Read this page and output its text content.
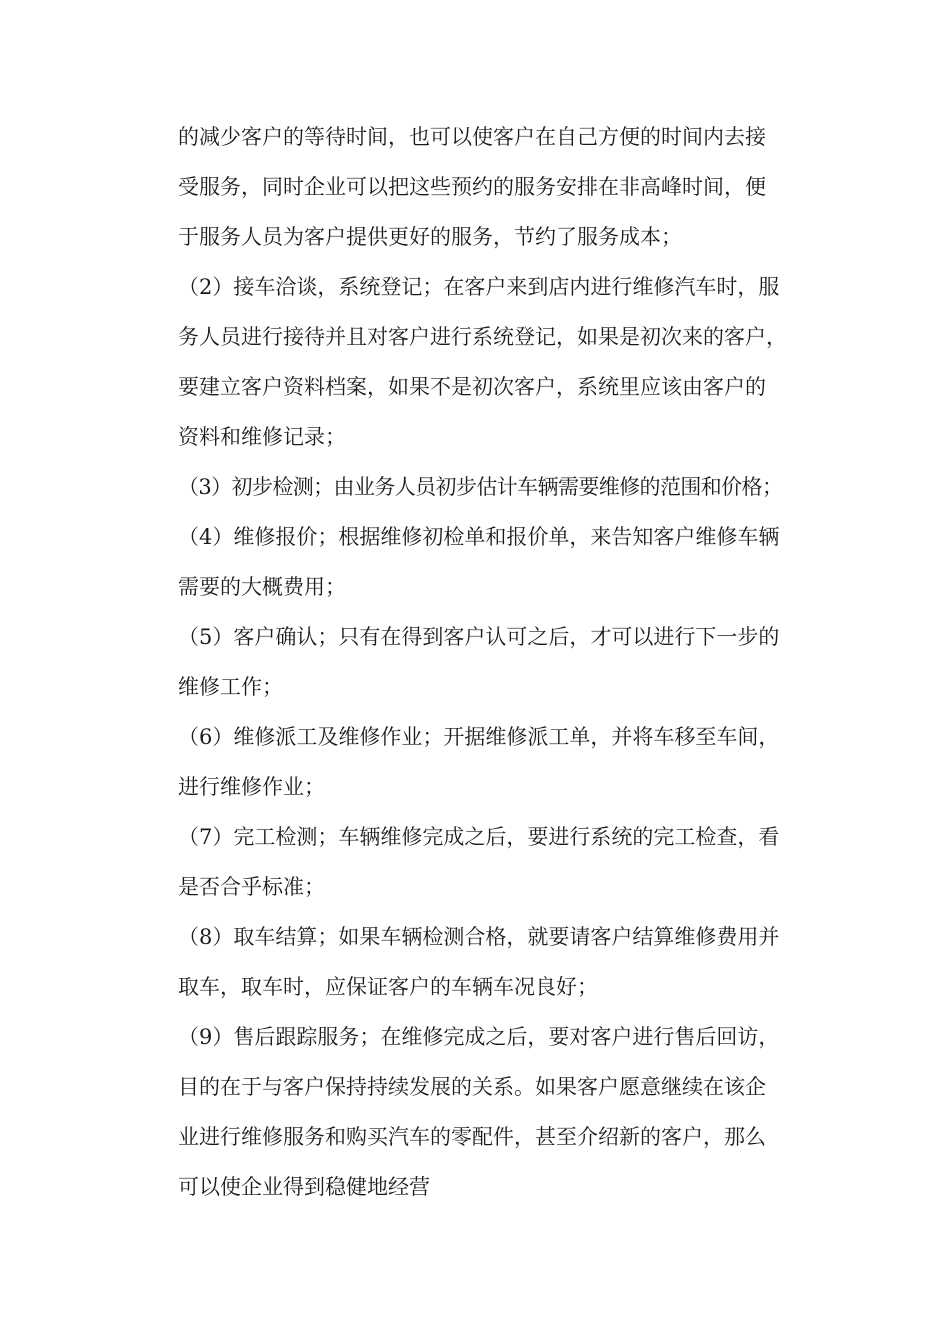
的减少客户的等待时间，也可以使客户在自己方便的时间内去接
受服务，同时企业可以把这些预约的服务安排在非高峰时间，便
于服务人员为客户提供更好的服务，节约了服务成本；
（2）接车洽谈，系统登记；在客户来到店内进行维修汽车时，服
务人员进行接待并且对客户进行系统登记，如果是初次来的客户，
要建立客户资料档案，如果不是初次客户，系统里应该由客户的
资料和维修记录；
（3）初步检测；由业务人员初步估计车辆需要维修的范围和价格；
（4）维修报价；根据维修初检单和报价单，来告知客户维修车辆
需要的大概费用；
（5）客户确认；只有在得到客户认可之后，才可以进行下一步的
维修工作；
（6）维修派工及维修作业；开据维修派工单，并将车移至车间，
进行维修作业；
（7）完工检测；车辆维修完成之后，要进行系统的完工检查，看
是否合乎标准；
（8）取车结算；如果车辆检测合格，就要请客户结算维修费用并
取车，取车时，应保证客户的车辆车况良好；
（9）售后跟踪服务；在维修完成之后，要对客户进行售后回访，
目的在于与客户保持持续发展的关系。如果客户愿意继续在该企
业进行维修服务和购买汽车的零配件，甚至介绍新的客户，那么
可以使企业得到稳健地经营
